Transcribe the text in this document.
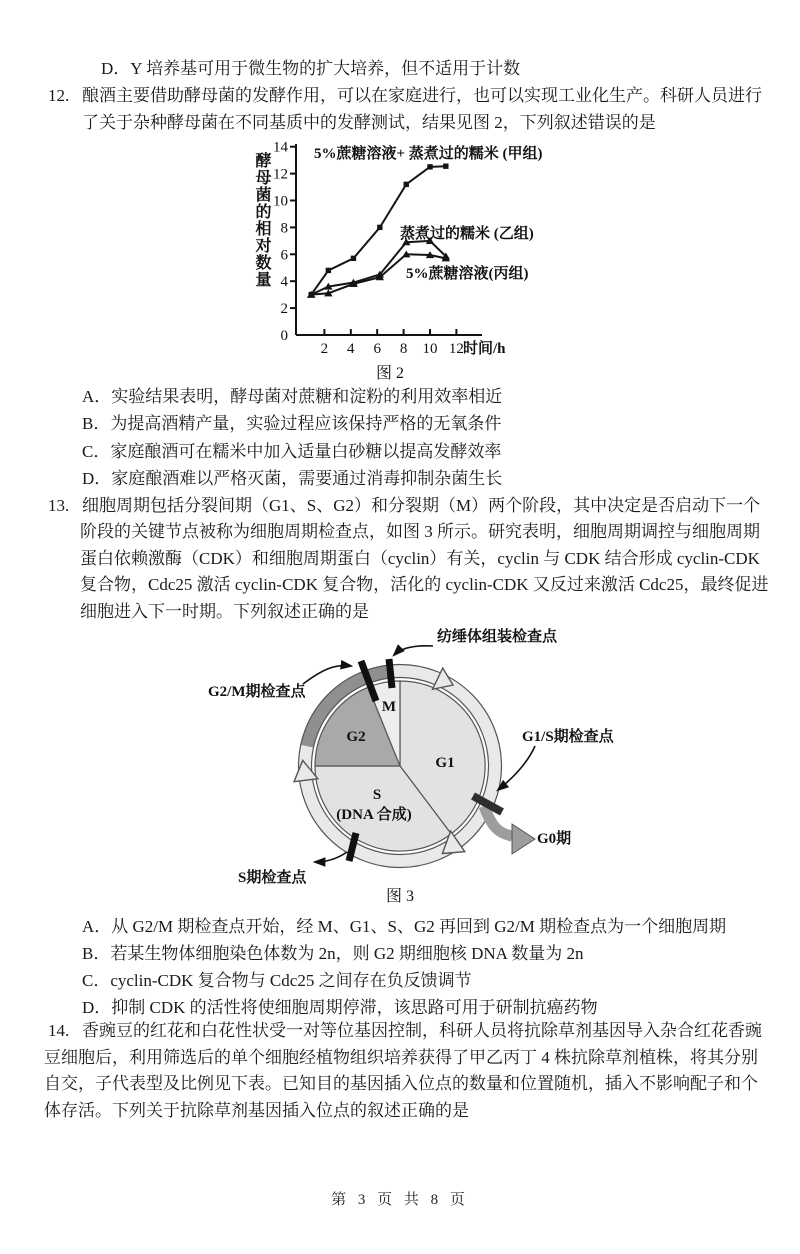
D．Y 培养基可用于微生物的扩大培养，但不适用于计数
12. 酿酒主要借助酵母菌的发酵作用，可以在家庭进行，也可以实现工业化生产。科研人员进行
了关于杂种酵母菌在不同基质中的发酵测试，结果见图 2，下列叙述错误的是
0
2
4
6
8
10
12
14
2 4 6 8 10 12 时间/h
酵母菌的相对数量	5%蔗糖溶液+ 蒸煮过的糯米 (甲组)
蒸煮过的糯米 (乙组)
5%蔗糖溶液(丙组)
图 2
A．实验结果表明，酵母菌对蔗糖和淀粉的利用效率相近
B．为提高酒精产量，实验过程应该保持严格的无氧条件
C．家庭酿酒可在糯米中加入适量白砂糖以提高发酵效率
D．家庭酿酒难以严格灭菌，需要通过消毒抑制杂菌生长
13. 细胞周期包括分裂间期（G1、S、G2）和分裂期（M）两个阶段，其中决定是否启动下一个
阶段的关键节点被称为细胞周期检查点，如图 3 所示。研究表明，细胞周期调控与细胞周期
蛋白依赖激酶（CDK）和细胞周期蛋白（cyclin）有关，cyclin 与 CDK 结合形成 cyclin-CDK
复合物，Cdc25 激活 cyclin-CDK 复合物，活化的 cyclin-CDK 又反过来激活 Cdc25，最终促进
细胞进入下一时期。下列叙述正确的是
纺缍体组装检查点
G2/M期检查点
G1/S期检查点
G0期
S期检查点
M
G2
G1
S
(DNA 合成)
图 3
A．从 G2/M 期检查点开始，经 M、G1、S、G2 再回到 G2/M 期检查点为一个细胞周期
B．若某生物体细胞染色体数为 2n，则 G2 期细胞核 DNA 数量为 2n
C．cyclin-CDK 复合物与 Cdc25 之间存在负反馈调节
D．抑制 CDK 的活性将使细胞周期停滞，该思路可用于研制抗癌药物
14. 香豌豆的红花和白花性状受一对等位基因控制，科研人员将抗除草剂基因导入杂合红花香豌
豆细胞后，利用筛选后的单个细胞经植物组织培养获得了甲乙丙丁 4 株抗除草剂植株，将其分别
自交，子代表型及比例见下表。已知目的基因插入位点的数量和位置随机，插入不影响配子和个
体存活。下列关于抗除草剂基因插入位点的叙述正确的是
第 3 页 共 8 页
